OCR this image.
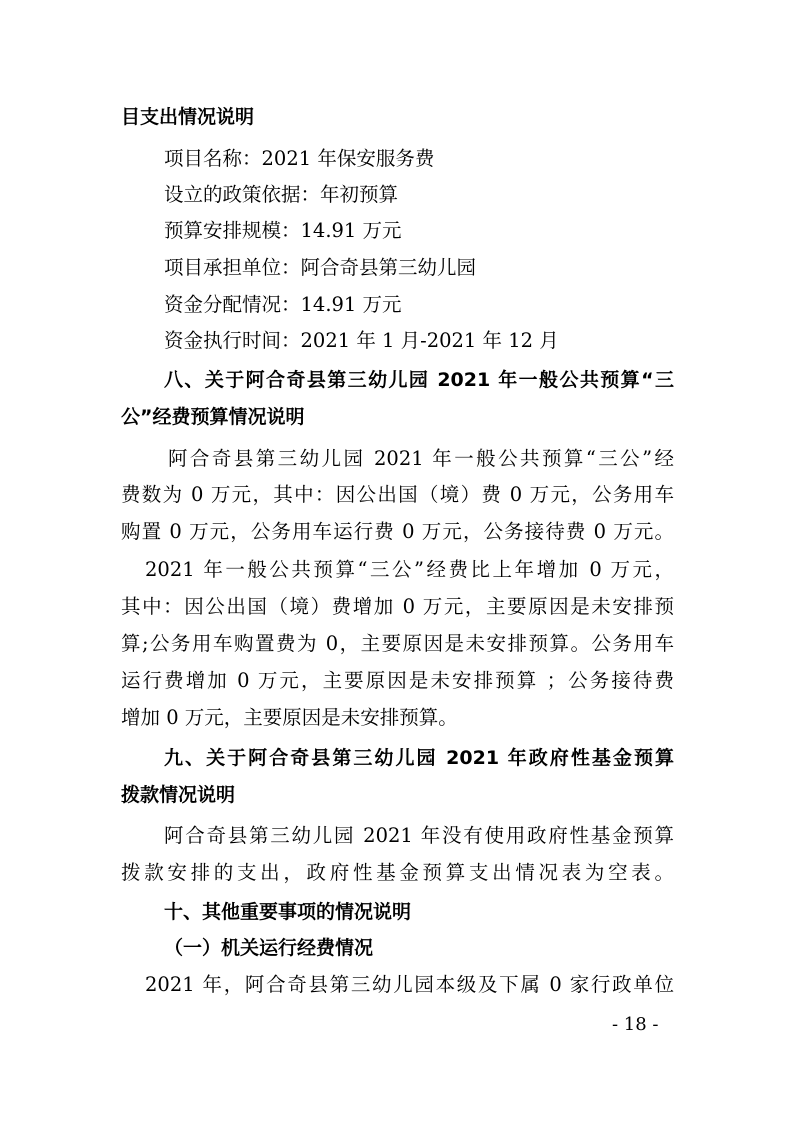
目支出情况说明
项目名称：2021 年保安服务费
设立的政策依据：年初预算
预算安排规模：14.91 万元
项目承担单位：阿合奇县第三幼儿园
资金分配情况：14.91 万元
资金执行时间：2021 年 1 月-2021 年 12 月
八、关于阿合奇县第三幼儿园 2021 年一般公共预算“三
公”经费预算情况说明
阿合奇县第三幼儿园 2021 年一般公共预算“三公”经
费数为 0 万元，其中：因公出国（境）费 0 万元，公务用车
购置 0 万元，公务用车运行费 0 万元，公务接待费 0 万元。
2021 年一般公共预算“三公”经费比上年增加 0 万元，
其中：因公出国（境）费增加 0 万元，主要原因是未安排预
算;公务用车购置费为 0，主要原因是未安排预算。公务用车
运行费增加 0 万元，主要原因是未安排预算 ；公务接待费
增加 0 万元，主要原因是未安排预算。
九、关于阿合奇县第三幼儿园 2021 年政府性基金预算
拨款情况说明
阿合奇县第三幼儿园 2021 年没有使用政府性基金预算
拨款安排的支出，政府性基金预算支出情况表为空表。
十、其他重要事项的情况说明
（一）机关运行经费情况
2021 年，阿合奇县第三幼儿园本级及下属 0 家行政单位
- 18 -
